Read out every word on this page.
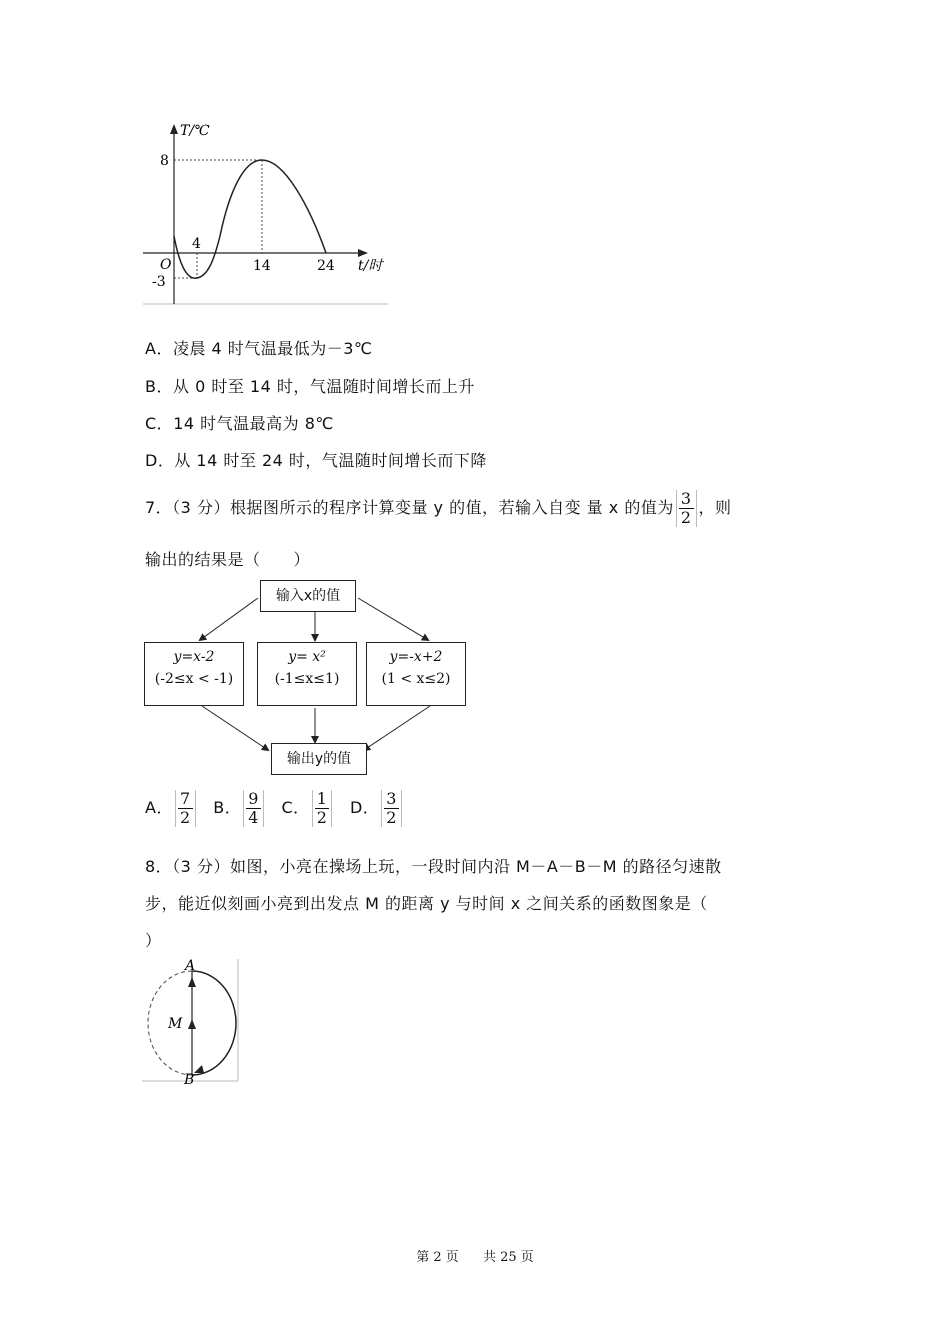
T/℃
t/时
O
8
-3
4
14	24
A．凌晨 4 时气温最低为－3℃
B．从 0 时至 14 时，气温随时间增长而上升
C．14 时气温最高为 8℃
D．从 14 时至 24 时，气温随时间增长而下降
7．（3 分）根据图所示的程序计算变量 y 的值，若输入自变 量 x 的值为 $\frac{3}{2}$ ，则
输出的结果是（　　）
输入x的值
y=x-2
(-2≤x < -1)
y= x²
(-1≤x≤1)
y=-x+2
(1 < x≤2)
输出y的值
A． $\frac{7}{2}$ B． $\frac{9}{4}$ C． $\frac{1}{2}$ D． $\frac{3}{2}$
8．（3 分）如图，小亮在操场上玩，一段时间内沿 M－A－B－M 的路径匀速散
步，能近似刻画小亮到出发点 M 的距离 y 与时间 x 之间关系的函数图象是（
）
A
M
B
第 2 页 共 25 页
